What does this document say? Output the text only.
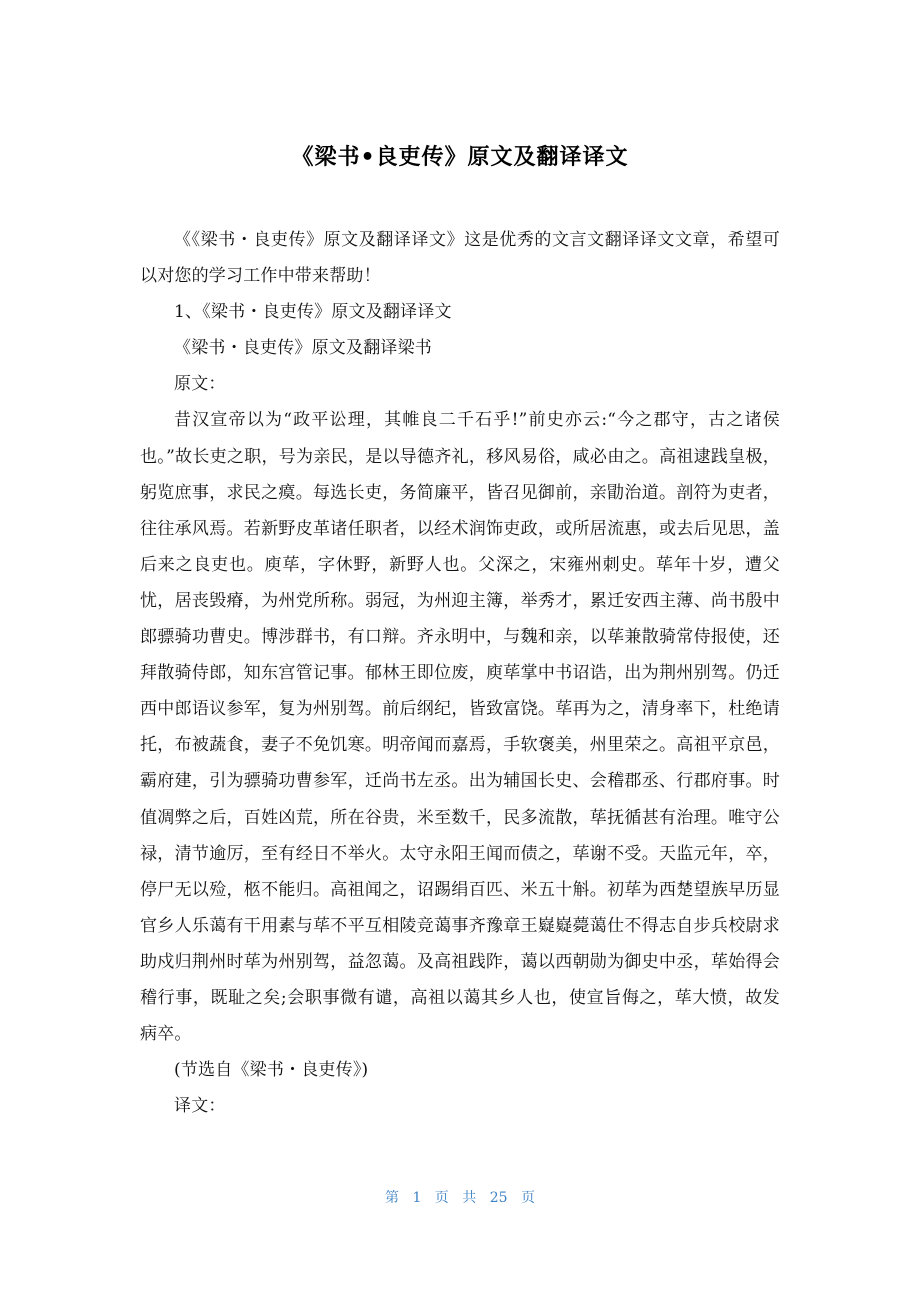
《梁书•良吏传》原文及翻译译文

《《梁书・良吏传》原文及翻译译文》这是优秀的文言文翻译译文文章，希望可以对您的学习工作中带来帮助！

1、《梁书・良吏传》原文及翻译译文

《梁书・良吏传》原文及翻译梁书

原文：

昔汉宣帝以为“政平讼理，其帷良二千石乎!”前史亦云:“今之郡守，古之诸侯也。”故长吏之职，号为亲民，是以导德齐礼，移风易俗，咸必由之。高祖逮践皇极，躬览庶事，求民之瘼。每选长吏，务简廉平，皆召见御前，亲勖治道。剖符为吏者，往往承风焉。若新野皮革诸任职者，以经术润饰吏政，或所居流惠，或去后见思，盖后来之良吏也。庾荜，字休野，新野人也。父深之，宋雍州刺史。荜年十岁，遭父忧，居丧毁瘠，为州党所称。弱冠，为州迎主簿，举秀才，累迁安西主薄、尚书殷中郎骠骑功曹史。博涉群书，有口辩。齐永明中，与魏和亲，以荜兼散骑常侍报使，还拜散骑侍郎，知东宫管记事。郁林王即位废，庾荜掌中书诏诰，出为荆州别驾。仍迁西中郎语议参军，复为州别驾。前后纲纪，皆致富饶。荜再为之，清身率下，杜绝请托，布被蔬食，妻子不免饥寒。明帝闻而嘉焉，手软褒美，州里荣之。高祖平京邑，霸府建，引为骠骑功曹参军，迁尚书左丞。出为辅国长史、会稽郡丞、行郡府事。时值凋弊之后，百姓凶荒，所在谷贵，米至数千，民多流散，荜抚循甚有治理。唯守公禄，清节逾厉，至有经日不举火。太守永阳王闻而债之，荜谢不受。天监元年，卒，停尸无以殓，柩不能归。高祖闻之，诏踢绢百匹、米五十斛。初荜为西楚望族早历显官乡人乐蔼有干用素与荜不平互相陵竞蔼事齐豫章王嶷嶷薨蔼仕不得志自步兵校尉求助戍归荆州时荜为州别驾，益忽蔼。及高祖践阼，蔼以西朝勋为御史中丞，荜始得会稽行事，既耻之矣;会职事微有谴，高祖以蔼其乡人也，使宣旨侮之，荜大愤，故发病卒。

(节选自《梁书・良吏传》)

译文：

第 1 页 共 25 页
